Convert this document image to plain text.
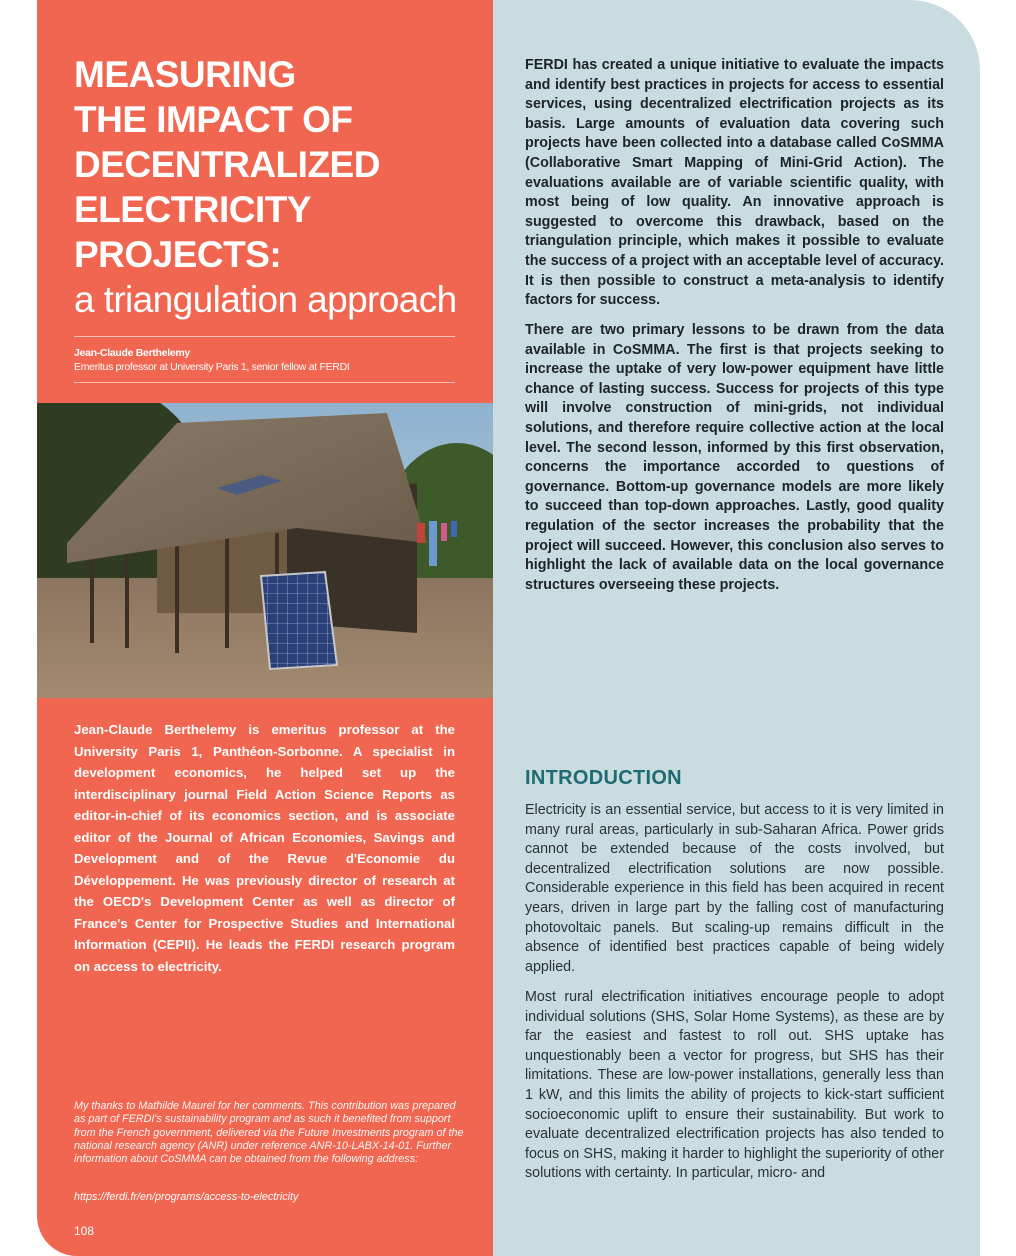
MEASURING
THE IMPACT OF
DECENTRALIZED
ELECTRICITY
PROJECTS:
a triangulation approach
Jean-Claude Berthelemy
Emeritus professor at University Paris 1, senior fellow at FERDI
Jean-Claude Berthelemy is emeritus professor at the University Paris 1, Panthéon-Sorbonne. A specialist in development economics, he helped set up the interdisciplinary journal Field Action Science Reports as editor-in-chief of its economics section, and is associate editor of the Journal of African Economies, Savings and Development and of the Revue d'Economie du Développement. He was previously director of research at the OECD's Development Center as well as director of France's Center for Prospective Studies and International Information (CEPII). He leads the FERDI research program on access to electricity.
My thanks to Mathilde Maurel for her comments. This contribution was prepared as part of FERDI's sustainability program and as such it benefited from support from the French government, delivered via the Future Investments program of the national research agency (ANR) under reference ANR-10-LABX-14-01. Further information about CoSMMA can be obtained from the following address:
https://ferdi.fr/en/programs/access-to-electricity
108
FERDI has created a unique initiative to evaluate the impacts and identify best practices in projects for access to essential services, using decentralized electrification projects as its basis. Large amounts of evaluation data covering such projects have been collected into a database called CoSMMA (Collaborative Smart Mapping of Mini-Grid Action). The evaluations available are of variable scientific quality, with most being of low quality. An innovative approach is suggested to overcome this drawback, based on the triangulation principle, which makes it possible to evaluate the success of a project with an acceptable level of accuracy. It is then possible to construct a meta-analysis to identify factors for success.
There are two primary lessons to be drawn from the data available in CoSMMA. The first is that projects seeking to increase the uptake of very low-power equipment have little chance of lasting success. Success for projects of this type will involve construction of mini-grids, not individual solutions, and therefore require collective action at the local level. The second lesson, informed by this first observation, concerns the importance accorded to questions of governance. Bottom-up governance models are more likely to succeed than top-down approaches. Lastly, good quality regulation of the sector increases the probability that the project will succeed. However, this conclusion also serves to highlight the lack of available data on the local governance structures overseeing these projects.
INTRODUCTION
Electricity is an essential service, but access to it is very limited in many rural areas, particularly in sub-Saharan Africa. Power grids cannot be extended because of the costs involved, but decentralized electrification solutions are now possible. Considerable experience in this field has been acquired in recent years, driven in large part by the falling cost of manufacturing photovoltaic panels. But scaling-up remains difficult in the absence of identified best practices capable of being widely applied.
Most rural electrification initiatives encourage people to adopt individual solutions (SHS, Solar Home Systems), as these are by far the easiest and fastest to roll out. SHS uptake has unquestionably been a vector for progress, but SHS has their limitations. These are low-power installations, generally less than 1 kW, and this limits the ability of projects to kick-start sufficient socioeconomic uplift to ensure their sustainability. But work to evaluate decentralized electrification projects has also tended to focus on SHS, making it harder to highlight the superiority of other solutions with certainty. In particular, micro- and
